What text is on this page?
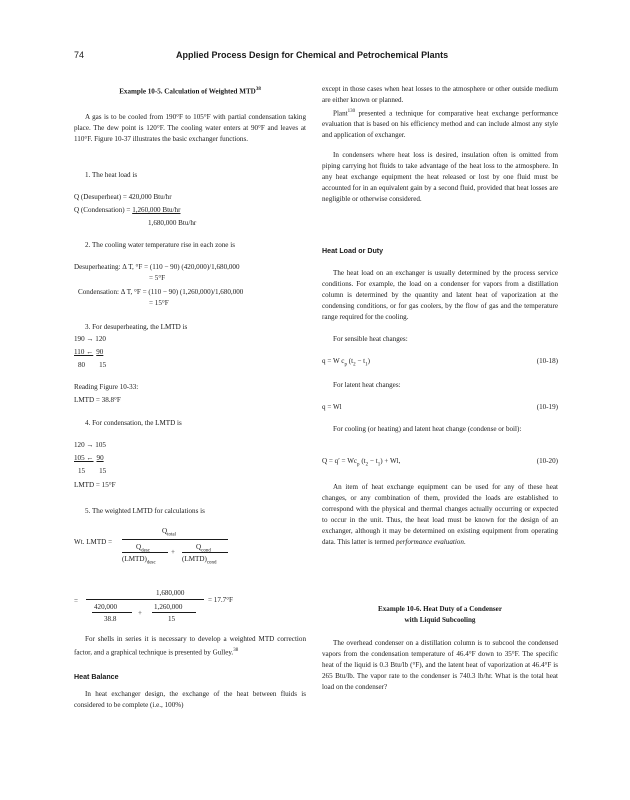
74	Applied Process Design for Chemical and Petrochemical Plants
Example 10-5. Calculation of Weighted MTD$^{38}$
A gas is to be cooled from 190°F to 105°F with partial condensation taking place. The dew point is 120°F. The cooling water enters at 90°F and leaves at 110°F. Figure 10-37 illustrates the basic exchanger functions.
1. The heat load is
Q (Desuperheat) = 420,000 Btu/hr
Q (Condensation) = 1,260,000 Btu/hr
1,680,000 Btu/hr
2. The cooling water temperature rise in each zone is
Desuperheating: Δ T, °F = (110 − 90) (420,000)/1,680,000
= 5°F
Condensation: Δ T, °F = (110 − 90) (1,260,000)/1,680,000
= 15°F
3. For desuperheating, the LMTD is
190 → 120
110 ← 90
80 15
Reading Figure 10-33:
LMTD = 38.8°F
4. For condensation, the LMTD is
120 → 105
105 ← 90
15 15
LMTD = 15°F
5. The weighted LMTD for calculations is
Wt. LMTD =
$Q_{total}$
$Q_{desc}$	$Q_{cond}$
+
$(LMTD)_{desc}$	$(LMTD)_{cond}$
1,680,000
=	= 17.7°F
420,000	1,260,000
+
38.8	15
For shells in series it is necessary to develop a weighted MTD correction factor, and a graphical technique is presented by Gulley.$^{38}$
Heat Balance
In heat exchanger design, the exchange of the heat between fluids is considered to be complete (i.e., 100%)
except in those cases when heat losses to the atmosphere or other outside medium are either known or planned.
Plant$^{130}$ presented a technique for comparative heat exchange performance evaluation that is based on his efficiency method and can include almost any style and application of exchanger.
In condensers where heat loss is desired, insulation often is omitted from piping carrying hot fluids to take advantage of the heat loss to the atmosphere. In any heat exchange equipment the heat released or lost by one fluid must be accounted for in an equivalent gain by a second fluid, provided that heat losses are negligible or otherwise considered.
Heat Load or Duty
The heat load on an exchanger is usually determined by the process service conditions. For example, the load on a condenser for vapors from a distillation column is determined by the quantity and latent heat of vaporization at the condensing conditions, or for gas coolers, by the flow of gas and the temperature range required for the cooling.
For sensible heat changes:
q = W $c_p$ $(t_2 - t_1)$	(10-18)
For latent heat changes:
q = Wl	(10-19)
For cooling (or heating) and latent heat change (condense or boil):
$Q = q' = Wc_p$ $(t_2 - t_1) + Wl$,	(10-20)
An item of heat exchange equipment can be used for any of these heat changes, or any combination of them, provided the loads are established to correspond with the physical and thermal changes actually occurring or expected to occur in the unit. Thus, the heat load must be known for the design of an exchanger, although it may be determined on existing equipment from operating data. This latter is termed performance evaluation.
Example 10-6. Heat Duty of a Condenser
with Liquid Subcooling
The overhead condenser on a distillation column is to subcool the condensed vapors from the condensation temperature of 46.4°F down to 35°F. The specific heat of the liquid is 0.3 Btu/lb (°F), and the latent heat of vaporization at 46.4°F is 265 Btu/lb. The vapor rate to the condenser is 740.3 lb/hr. What is the total heat load on the condenser?
